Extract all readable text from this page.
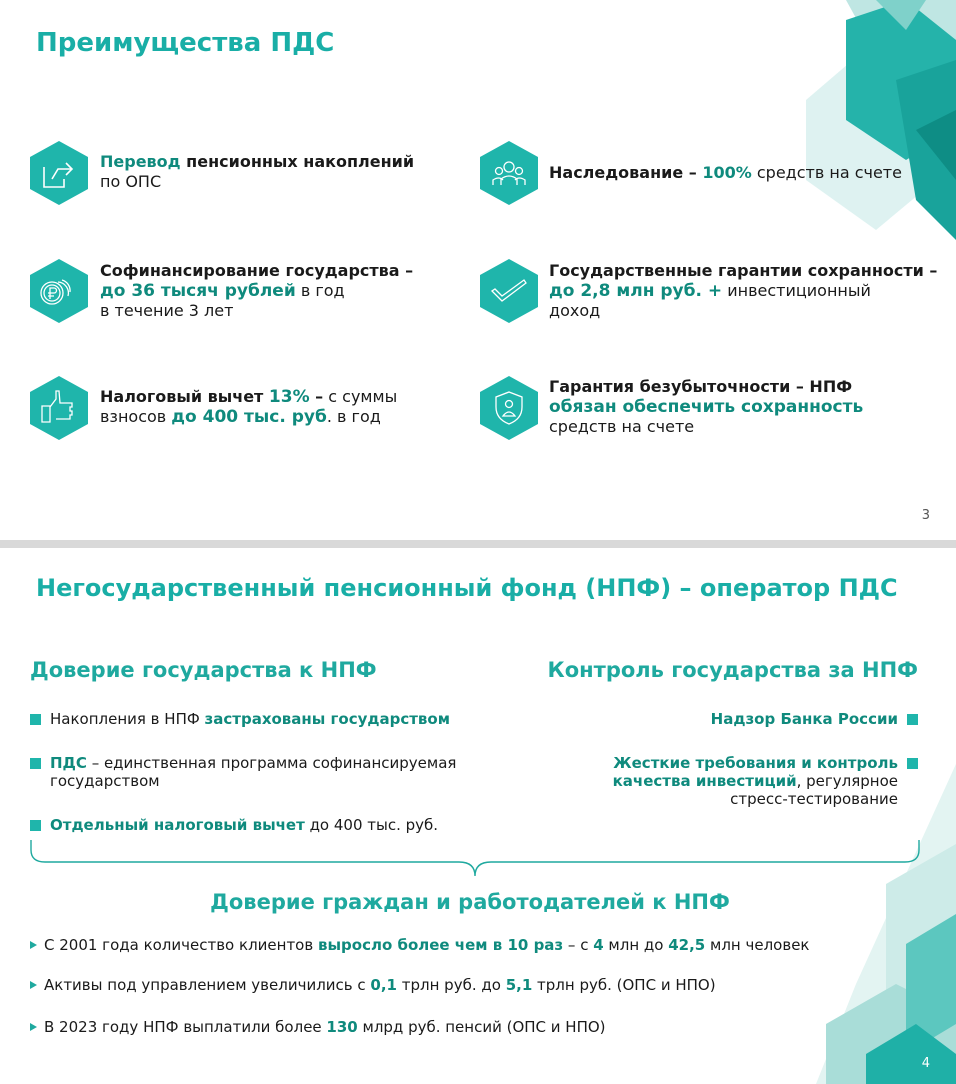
Преимущества ПДС
Перевод пенсионных накоплений
по ОПС	Наследование – 100% средств на счете
Софинансирование государства –
до 36 тысяч рублей в год
в течение 3 лет
Государственные гарантии сохранности –
до 2,8 млн руб. + инвестиционный
доход
Налоговый вычет 13% – с суммы
взносов до 400 тыс. руб. в год
Гарантия безубыточности – НПФ
обязан обеспечить сохранность
средств на счете
3
Негосударственный пенсионный фонд (НПФ) – оператор ПДС
Доверие государства к НПФ	Контроль государства за НПФ
Накопления в НПФ застрахованы государством
ПДС – единственная программа софинансируемая государством
Отдельный налоговый вычет до 400 тыс. руб.
Надзор Банка России
Жесткие требования и контроль качества инвестиций, регулярное стресс-тестирование
Доверие граждан и работодателей к НПФ
С 2001 года количество клиентов выросло более чем в 10 раз – с 4 млн до 42,5 млн человек
Активы под управлением увеличились с 0,1 трлн руб. до 5,1 трлн руб. (ОПС и НПО)
В 2023 году НПФ выплатили более 130 млрд руб. пенсий (ОПС и НПО)
4
